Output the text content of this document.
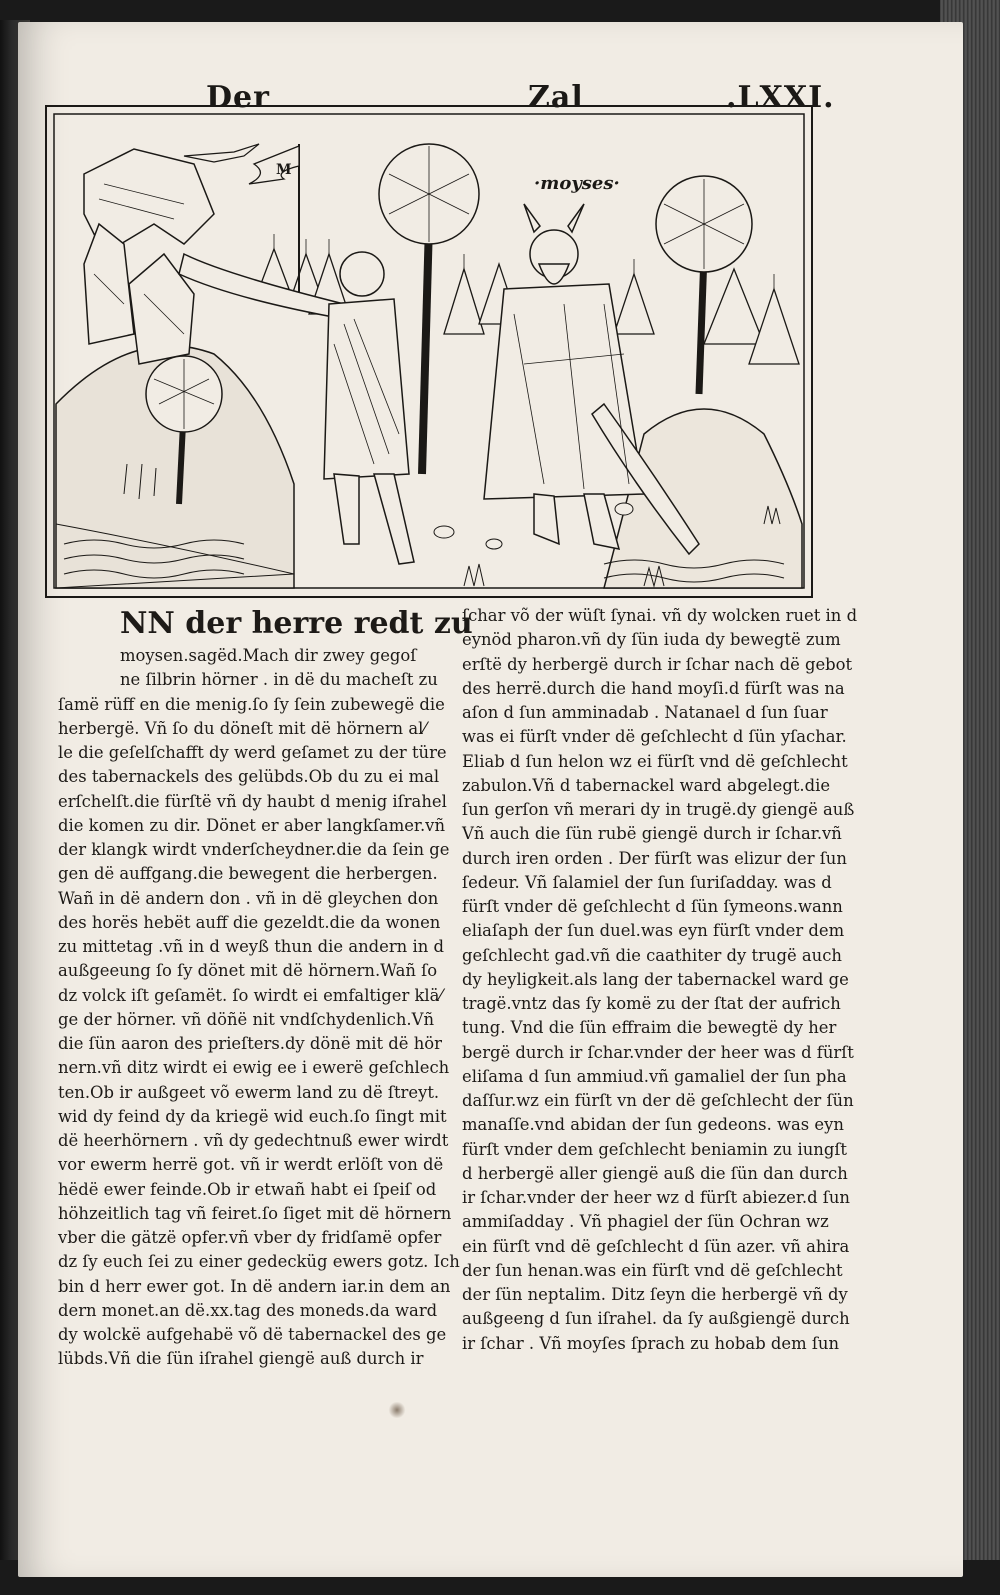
Der	Zal	.LXXI.
M
·moyses·
NN der herre redt zu
moysen.sagëd.Mach dir zwey gegoſ
ne ſilbrin hörner . in dë du macheſt zu
ſamë rüff en die menig.ſo ſy ſein zubewegë die
herbergë. Vñ ſo du döneſt mit dë hörnern al⁄
le die geſelſchafft dy werd geſamet zu der türe
des tabernackels des gelübds.Ob du zu ei mal
erſchelſt.die fürſtë vñ dy haubt d menig iſrahel
die komen zu dir. Dönet er aber langkſamer.vñ
der klangk wirdt vnderſcheydner.die da ſein ge
gen dë auffgang.die bewegent die herbergen.
Wañ in dë andern don . vñ in dë gleychen don
des horës hebët auff die gezeldt.die da wonen
zu mittetag .vñ in d weyß thun die andern in d
außgeeung ſo ſy dönet mit dë hörnern.Wañ ſo
dz volck iſt geſamët. ſo wirdt ei emfaltiger klä⁄
ge der hörner. vñ döñë nit vndſchydenlich.Vñ
die ſün aaron des prieſters.dy dönë mit dë hör
nern.vñ ditz wirdt ei ewig ee i ewerë geſchlech
ten.Ob ir außgeet võ ewerm land zu dë ſtreyt.
wid dy feind dy da kriegë wid euch.ſo ſingt mit
dë heerhörnern . vñ dy gedechtnuß ewer wirdt
vor ewerm herrë got. vñ ir werdt erlöſt von dë
hëdë ewer feinde.Ob ir etwañ habt ei ſpeiſ od
höhzeitlich tag vñ feiret.ſo ſiget mit dë hörnern
vber die gätzë opfer.vñ vber dy fridſamë opfer
dz ſy euch ſei zu einer gedecküg ewers gotz. Ich
bin d herr ewer got. In dë andern iar.in dem an
dern monet.an dë.xx.tag des moneds.da ward
dy wolckë aufgehabë võ dë tabernackel des ge
lübds.Vñ die ſün iſrahel giengë auß durch ir
ſchar võ der wüſt ſynai. vñ dy wolcken ruet in d
eynöd pharon.vñ dy ſün iuda dy bewegtë zum
erſtë dy herbergë durch ir ſchar nach dë gebot
des herrë.durch die hand moyſi.d fürſt was na
aſon d ſun amminadab . Natanael d ſun ſuar
was ei fürſt vnder dë geſchlecht d ſün yſachar.
Eliab d ſun helon wz ei fürſt vnd dë geſchlecht
zabulon.Vñ d tabernackel ward abgelegt.die
ſun gerſon vñ merari dy in trugë.dy giengë auß
Vñ auch die ſün rubë giengë durch ir ſchar.vñ
durch iren orden . Der fürſt was elizur der ſun
ſedeur. Vñ ſalamiel der ſun ſuriſadday. was d
fürſt vnder dë geſchlecht d ſün ſymeons.wann
eliaſaph der ſun duel.was eyn fürſt vnder dem
geſchlecht gad.vñ die caathiter dy trugë auch
dy heyligkeit.als lang der tabernackel ward ge
tragë.vntz das ſy komë zu der ſtat der aufrich
tung. Vnd die ſün effraim die bewegtë dy her
bergë durch ir ſchar.vnder der heer was d fürſt
eliſama d ſun ammiud.vñ gamaliel der ſun pha
daſſur.wz ein fürſt vn der dë geſchlecht der ſün
manaſſe.vnd abidan der ſun gedeons. was eyn
fürſt vnder dem geſchlecht beniamin zu iungſt
d herbergë aller giengë auß die ſün dan durch
ir ſchar.vnder der heer wz d fürſt abiezer.d ſun
ammiſadday . Vñ phagiel der ſün Ochran wz
ein fürſt vnd dë geſchlecht d ſün azer. vñ ahira
der ſun henan.was ein fürſt vnd dë geſchlecht
der ſün neptalim. Ditz ſeyn die herbergë vñ dy
außgeeng d ſun iſrahel. da ſy außgiengë durch
ir ſchar . Vñ moyſes ſprach zu hobab dem ſun
